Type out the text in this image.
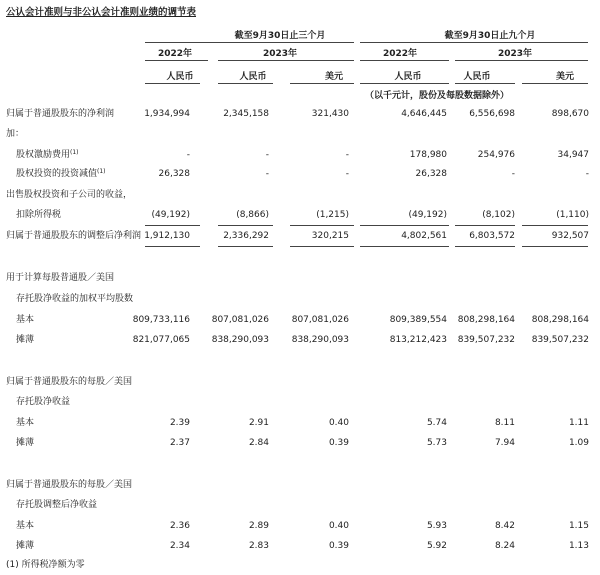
公认会计准则与非公认会计准则业绩的调节表
截至9月30日止三个月	截至9月30日止九个月
2022年	2023年	2022年	2023年
人民币	人民币	美元	人民币	人民币	美元
（以千元计，股份及每股数据除外）
归属于普通股股东的净利润	1,934,994	2,345,158	321,430	4,646,445 6,556,698	898,670
加：
股权激励费用$^{(1)}$	-	-	-	178,980	254,976	34,947
股权投资的投资减值$^{(1)}$	26,328	-	-	26,328	-	-
出售股权投资和子公司的收益，
扣除所得税	(49,192)	(8,866)	(1,215)	(49,192)	(8,102)	(1,110)
归属于普通股股东的调整后净利润 1,912,130	2,336,292	320,215	4,802,561 6,803,572	932,507
用于计算每股普通股／美国
存托股净收益的加权平均股数
基本	809,733,116 807,081,026	807,081,026	809,389,554 808,298,164 808,298,164
摊薄	821,077,065 838,290,093	838,290,093	813,212,423 839,507,232 839,507,232
归属于普通股股东的每股／美国
存托股净收益
基本	2.39	2.91	0.40	5.74	8.11	1.11
摊薄	2.37	2.84	0.39	5.73	7.94	1.09
归属于普通股股东的每股／美国
存托股调整后净收益
基本	2.36	2.89	0.40	5.93	8.42	1.15
摊薄	2.34	2.83	0.39	5.92	8.24	1.13
(1) 所得税净额为零
